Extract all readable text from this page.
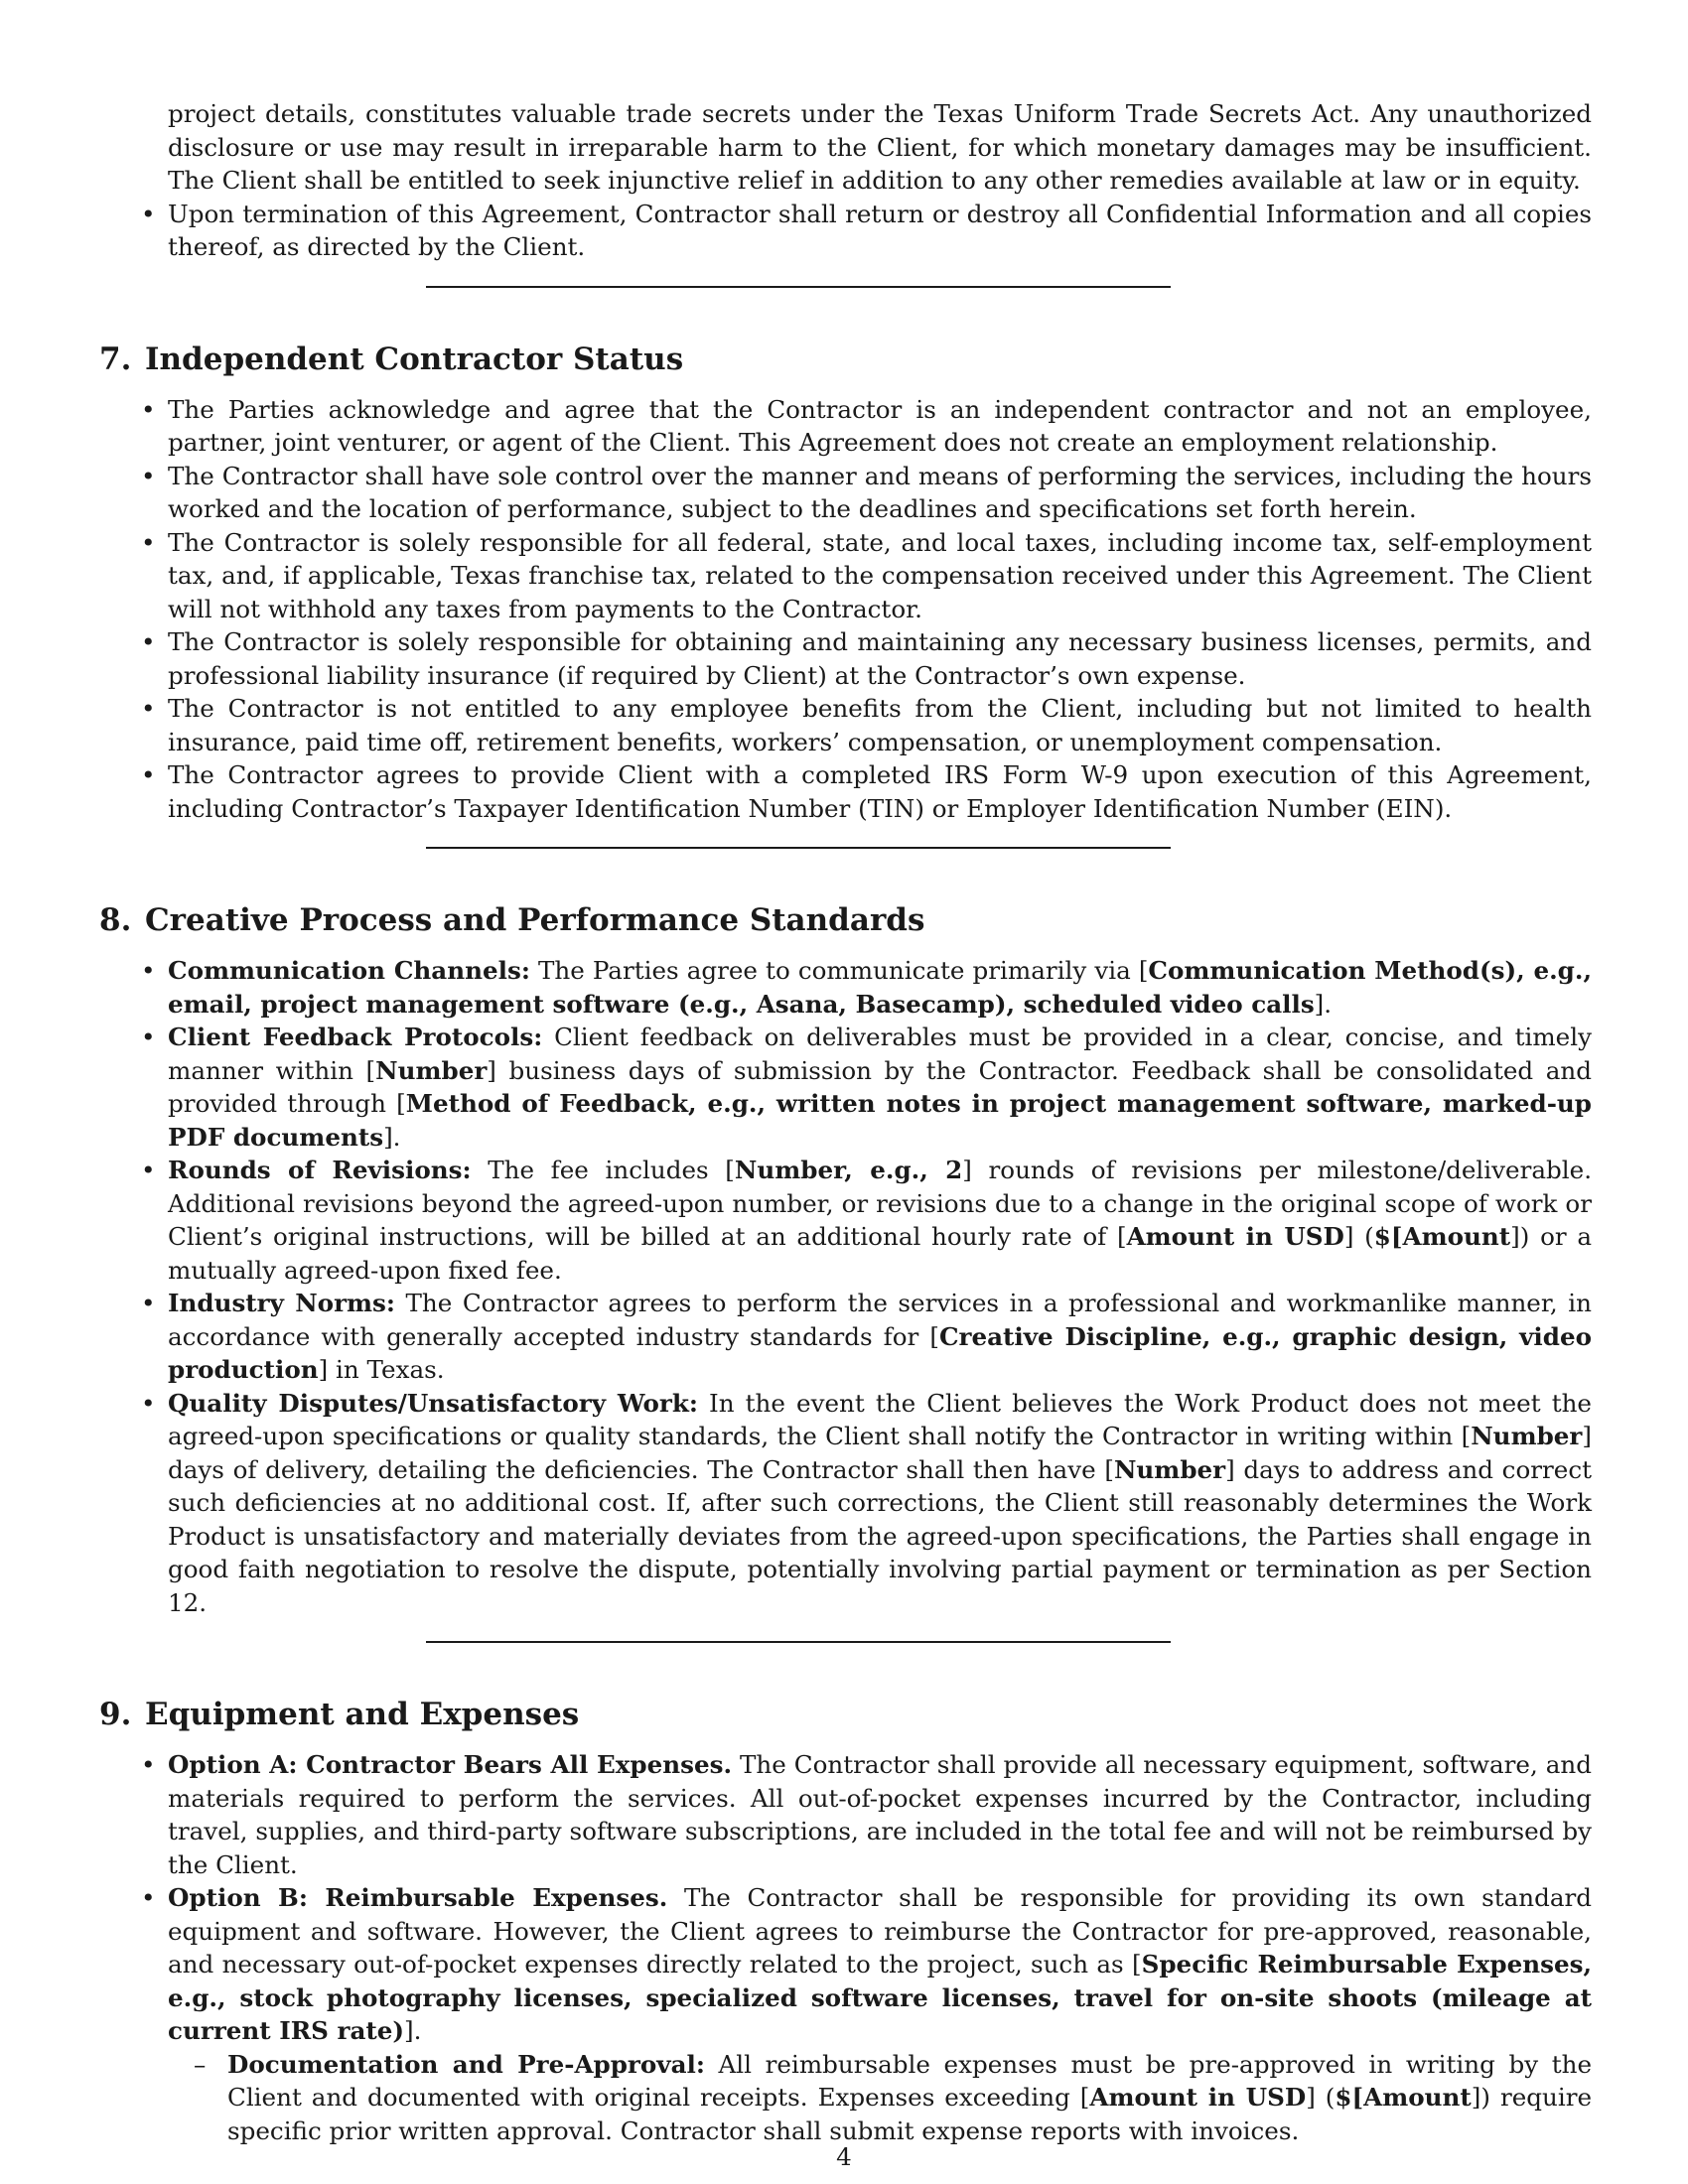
project details, constitutes valuable trade secrets under the Texas Uniform Trade Secrets Act. Any unauthorized disclosure or use may result in irreparable harm to the Client, for which monetary damages may be insufficient. The Client shall be entitled to seek injunctive relief in addition to any other remedies available at law or in equity.

• Upon termination of this Agreement, Contractor shall return or destroy all Confidential Information and all copies thereof, as directed by the Client.
7. Independent Contractor Status
• The Parties acknowledge and agree that the Contractor is an independent contractor and not an employee, partner, joint venturer, or agent of the Client. This Agreement does not create an employment relationship.
• The Contractor shall have sole control over the manner and means of performing the services, including the hours worked and the location of performance, subject to the deadlines and specifications set forth herein.
• The Contractor is solely responsible for all federal, state, and local taxes, including income tax, self-employment tax, and, if applicable, Texas franchise tax, related to the compensation received under this Agreement. The Client will not withhold any taxes from payments to the Contractor.
• The Contractor is solely responsible for obtaining and maintaining any necessary business licenses, permits, and professional liability insurance (if required by Client) at the Contractor’s own expense.
• The Contractor is not entitled to any employee benefits from the Client, including but not limited to health insurance, paid time off, retirement benefits, workers’ compensation, or unemployment compensation.
• The Contractor agrees to provide Client with a completed IRS Form W-9 upon execution of this Agreement, including Contractor’s Taxpayer Identification Number (TIN) or Employer Identification Number (EIN).
8. Creative Process and Performance Standards
• Communication Channels: The Parties agree to communicate primarily via [Communication Method(s), e.g., email, project management software (e.g., Asana, Basecamp), scheduled video calls].
• Client Feedback Protocols: Client feedback on deliverables must be provided in a clear, concise, and timely manner within [Number] business days of submission by the Contractor. Feedback shall be consolidated and provided through [Method of Feedback, e.g., written notes in project management software, marked-up PDF documents].
• Rounds of Revisions: The fee includes [Number, e.g., 2] rounds of revisions per milestone/deliverable. Additional revisions beyond the agreed-upon number, or revisions due to a change in the original scope of work or Client’s original instructions, will be billed at an additional hourly rate of [Amount in USD] ($[Amount]) or a mutually agreed-upon fixed fee.
• Industry Norms: The Contractor agrees to perform the services in a professional and workmanlike manner, in accordance with generally accepted industry standards for [Creative Discipline, e.g., graphic design, video production] in Texas.
• Quality Disputes/Unsatisfactory Work: In the event the Client believes the Work Product does not meet the agreed-upon specifications or quality standards, the Client shall notify the Contractor in writing within [Number] days of delivery, detailing the deficiencies. The Contractor shall then have [Number] days to address and correct such deficiencies at no additional cost. If, after such corrections, the Client still reasonably determines the Work Product is unsatisfactory and materially deviates from the agreed-upon specifications, the Parties shall engage in good faith negotiation to resolve the dispute, potentially involving partial payment or termination as per Section 12.
9. Equipment and Expenses
• Option A: Contractor Bears All Expenses. The Contractor shall provide all necessary equipment, software, and materials required to perform the services. All out-of-pocket expenses incurred by the Contractor, including travel, supplies, and third-party software subscriptions, are included in the total fee and will not be reimbursed by the Client.
• Option B: Reimbursable Expenses. The Contractor shall be responsible for providing its own standard equipment and software. However, the Client agrees to reimburse the Contractor for pre-approved, reasonable, and necessary out-of-pocket expenses directly related to the project, such as [Specific Reimbursable Expenses, e.g., stock photography licenses, specialized software licenses, travel for on-site shoots (mileage at current IRS rate)].
– Documentation and Pre-Approval: All reimbursable expenses must be pre-approved in writing by the Client and documented with original receipts. Expenses exceeding [Amount in USD] ($[Amount]) require specific prior written approval. Contractor shall submit expense reports with invoices.
4
